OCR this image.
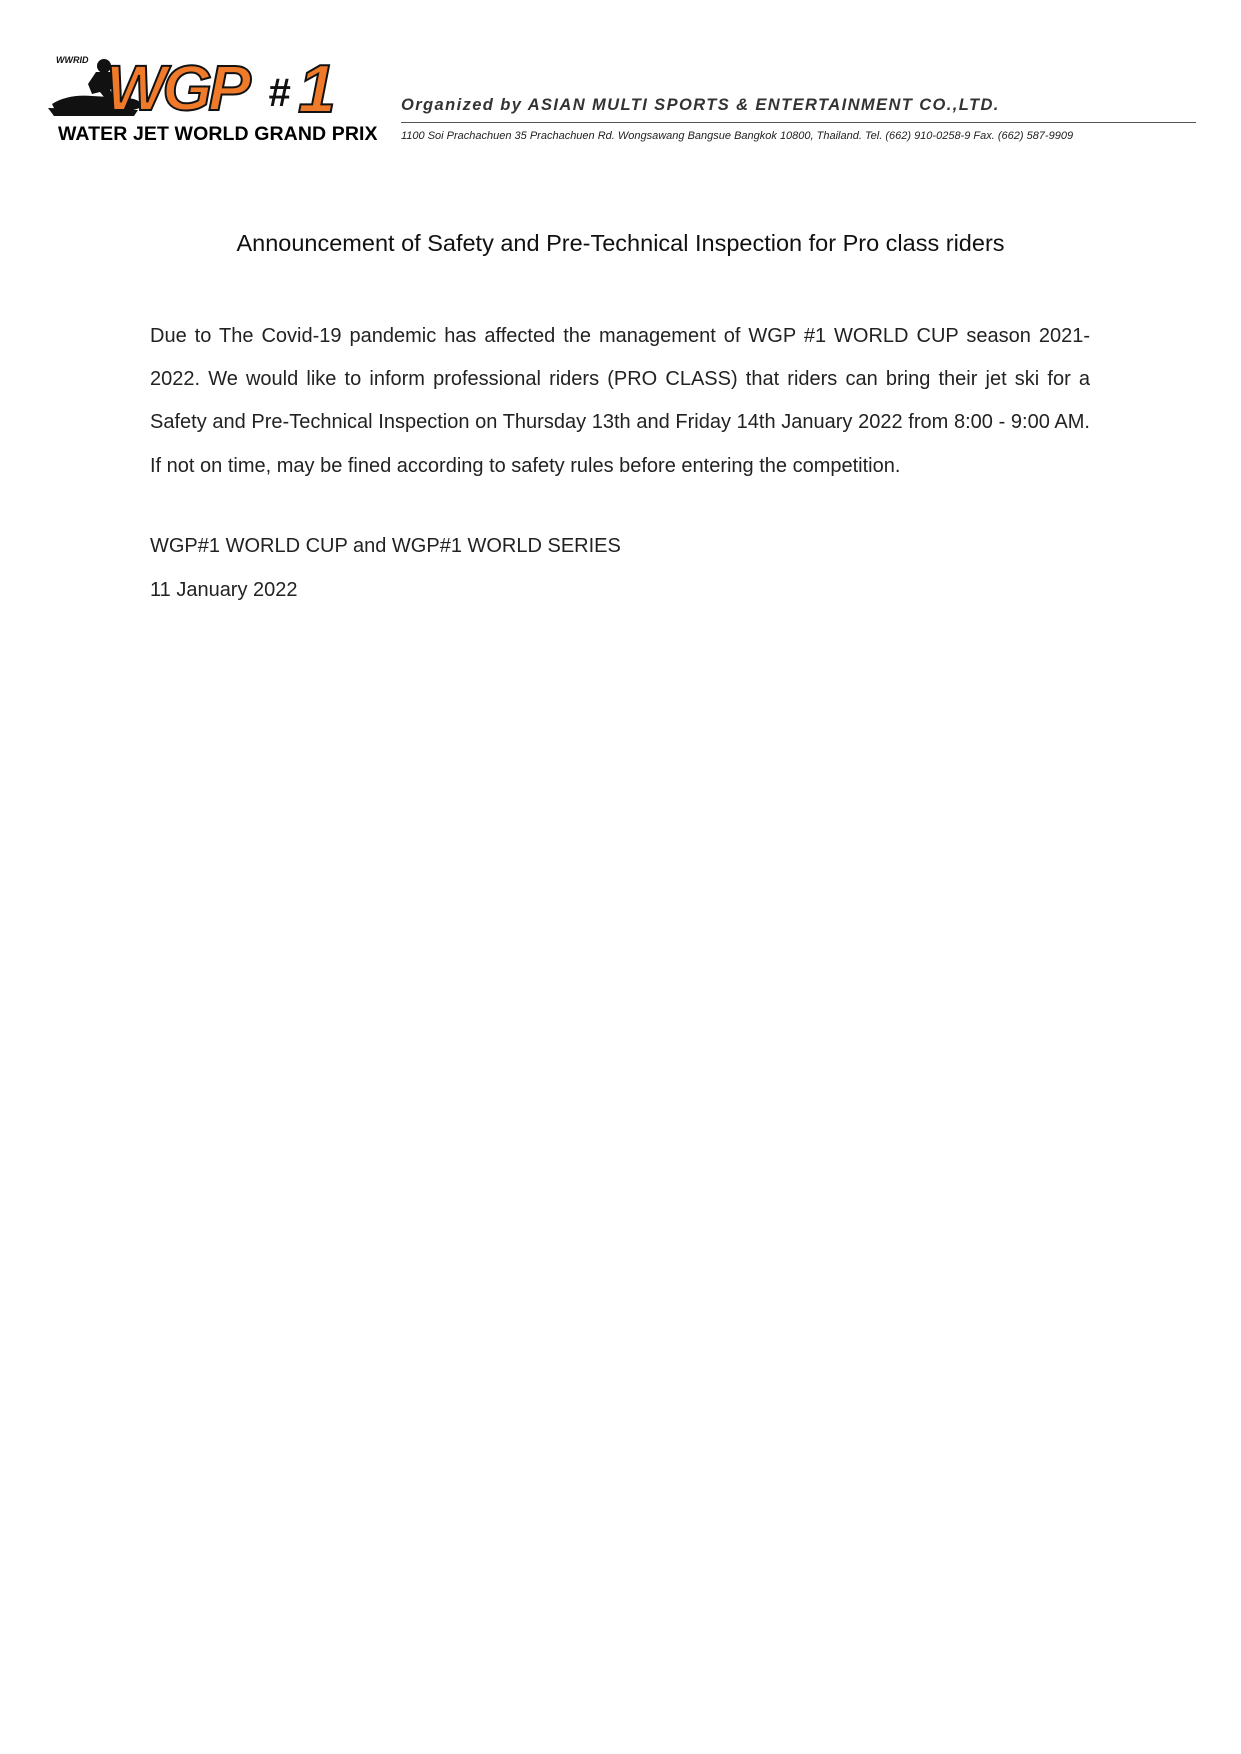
WWRID WGP # 1
WATER JET WORLD GRAND PRIX
Organized by ASIAN MULTI SPORTS & ENTERTAINMENT CO.,LTD.
1100 Soi Prachachuen 35 Prachachuen Rd. Wongsawang Bangsue Bangkok 10800, Thailand. Tel. (662) 910-0258-9 Fax. (662) 587-9909
Announcement of Safety and Pre-Technical Inspection for Pro class riders

Due to The Covid-19 pandemic has affected the management of WGP #1 WORLD CUP season 2021-2022. We would like to inform professional riders (PRO CLASS) that riders can bring their jet ski for a Safety and Pre-Technical Inspection on Thursday 13th and Friday 14th January 2022 from 8:00 - 9:00 AM. If not on time, may be fined according to safety rules before entering the competition.

WGP#1 WORLD CUP and WGP#1 WORLD SERIES
11 January 2022
